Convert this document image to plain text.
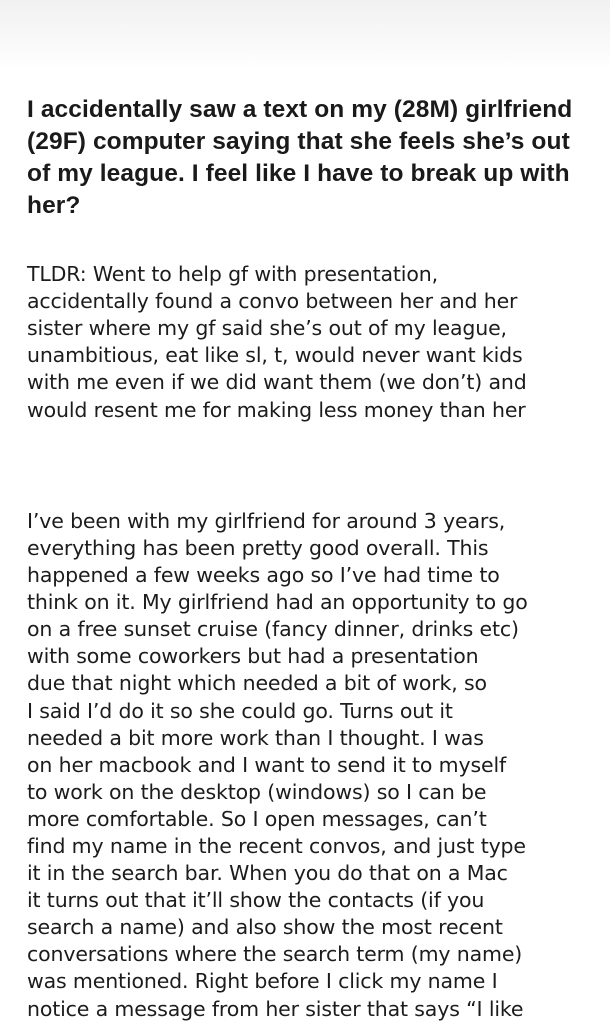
I accidentally saw a text on my (28M) girlfriend (29F) computer saying that she feels she’s out of my league. I feel like I have to break up with her?

TLDR: Went to help gf with presentation,
accidentally found a convo between her and her
sister where my gf said she’s out of my league,
unambitious, eat like sl, t, would never want kids
with me even if we did want them (we don’t) and
would resent me for making less money than her

I’ve been with my girlfriend for around 3 years,
everything has been pretty good overall. This
happened a few weeks ago so I’ve had time to
think on it. My girlfriend had an opportunity to go
on a free sunset cruise (fancy dinner, drinks etc)
with some coworkers but had a presentation
due that night which needed a bit of work, so
I said I’d do it so she could go. Turns out it
needed a bit more work than I thought. I was
on her macbook and I want to send it to myself
to work on the desktop (windows) so I can be
more comfortable. So I open messages, can’t
find my name in the recent convos, and just type
it in the search bar. When you do that on a Mac
it turns out that it’ll show the contacts (if you
search a name) and also show the most recent
conversations where the search term (my name)
was mentioned. Right before I click my name I
notice a message from her sister that says “I like
